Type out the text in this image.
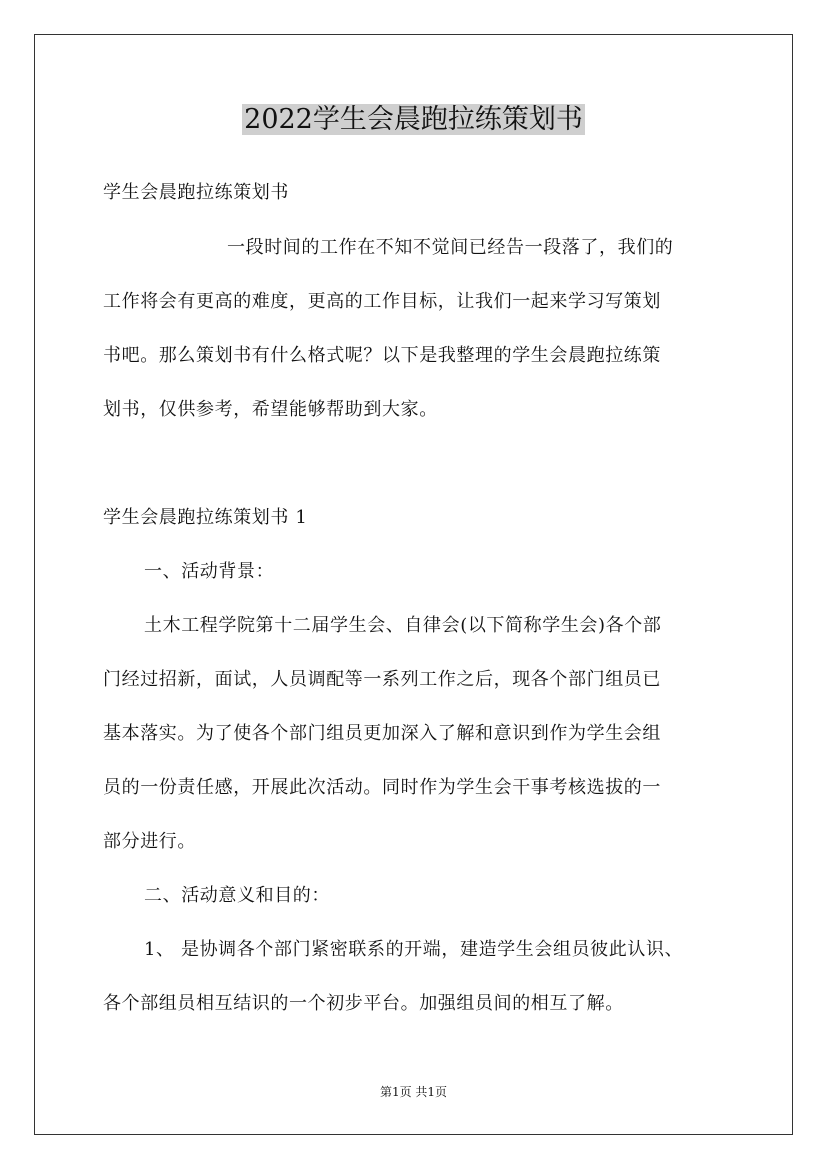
2022学生会晨跑拉练策划书
学生会晨跑拉练策划书
一段时间的工作在不知不觉间已经告一段落了，我们的
工作将会有更高的难度，更高的工作目标，让我们一起来学习写策划
书吧。那么策划书有什么格式呢？以下是我整理的学生会晨跑拉练策
划书，仅供参考，希望能够帮助到大家。
学生会晨跑拉练策划书 1
一、活动背景：
土木工程学院第十二届学生会、自律会(以下简称学生会)各个部
门经过招新，面试，人员调配等一系列工作之后，现各个部门组员已
基本落实。为了使各个部门组员更加深入了解和意识到作为学生会组
员的一份责任感，开展此次活动。同时作为学生会干事考核选拔的一
部分进行。
二、活动意义和目的：
1、 是协调各个部门紧密联系的开端，建造学生会组员彼此认识、
各个部组员相互结识的一个初步平台。加强组员间的相互了解。
第1页 共1页
